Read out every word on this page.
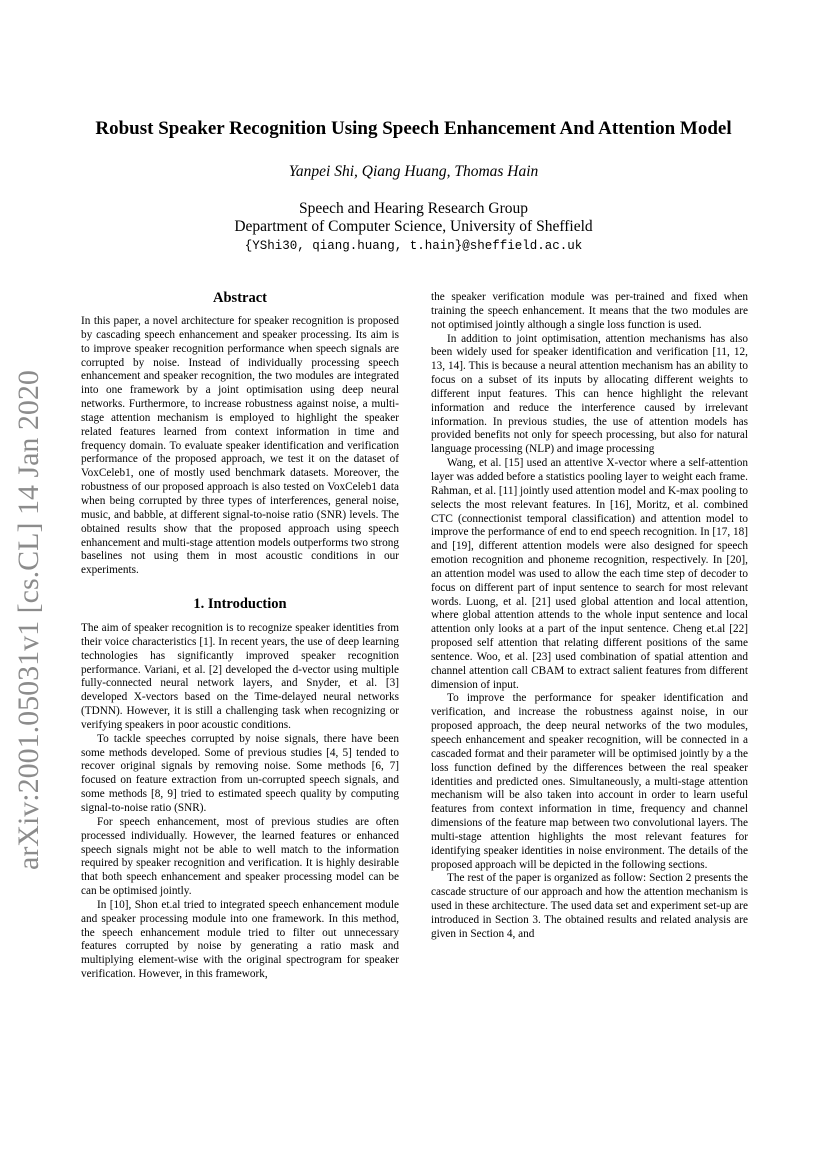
arXiv:2001.05031v1 [cs.CL] 14 Jan 2020
Robust Speaker Recognition Using Speech Enhancement And Attention Model
Yanpei Shi, Qiang Huang, Thomas Hain
Speech and Hearing Research Group
Department of Computer Science, University of Sheffield
{YShi30, qiang.huang, t.hain}@sheffield.ac.uk
Abstract

In this paper, a novel architecture for speaker recognition is proposed by cascading speech enhancement and speaker processing. Its aim is to improve speaker recognition performance when speech signals are corrupted by noise. Instead of individually processing speech enhancement and speaker recognition, the two modules are integrated into one framework by a joint optimisation using deep neural networks. Furthermore, to increase robustness against noise, a multi-stage attention mechanism is employed to highlight the speaker related features learned from context information in time and frequency domain. To evaluate speaker identification and verification performance of the proposed approach, we test it on the dataset of VoxCeleb1, one of mostly used benchmark datasets. Moreover, the robustness of our proposed approach is also tested on VoxCeleb1 data when being corrupted by three types of interferences, general noise, music, and babble, at different signal-to-noise ratio (SNR) levels. The obtained results show that the proposed approach using speech enhancement and multi-stage attention models outperforms two strong baselines not using them in most acoustic conditions in our experiments.

1. Introduction

The aim of speaker recognition is to recognize speaker identities from their voice characteristics [1]. In recent years, the use of deep learning technologies has significantly improved speaker recognition performance. Variani, et al. [2] developed the d-vector using multiple fully-connected neural network layers, and Snyder, et al. [3] developed X-vectors based on the Time-delayed neural networks (TDNN). However, it is still a challenging task when recognizing or verifying speakers in poor acoustic conditions.

To tackle speeches corrupted by noise signals, there have been some methods developed. Some of previous studies [4, 5] tended to recover original signals by removing noise. Some methods [6, 7] focused on feature extraction from un-corrupted speech signals, and some methods [8, 9] tried to estimated speech quality by computing signal-to-noise ratio (SNR).

For speech enhancement, most of previous studies are often processed individually. However, the learned features or enhanced speech signals might not be able to well match to the information required by speaker recognition and verification. It is highly desirable that both speech enhancement and speaker processing model can be can be optimised jointly.

In [10], Shon et.al tried to integrated speech enhancement module and speaker processing module into one framework. In this method, the speech enhancement module tried to filter out unnecessary features corrupted by noise by generating a ratio mask and multiplying element-wise with the original spectrogram for speaker verification. However, in this framework,

the speaker verification module was per-trained and fixed when training the speech enhancement. It means that the two modules are not optimised jointly although a single loss function is used.

In addition to joint optimisation, attention mechanisms has also been widely used for speaker identification and verification [11, 12, 13, 14]. This is because a neural attention mechanism has an ability to focus on a subset of its inputs by allocating different weights to different input features. This can hence highlight the relevant information and reduce the interference caused by irrelevant information. In previous studies, the use of attention models has provided benefits not only for speech processing, but also for natural language processing (NLP) and image processing

Wang, et al. [15] used an attentive X-vector where a self-attention layer was added before a statistics pooling layer to weight each frame. Rahman, et al. [11] jointly used attention model and K-max pooling to selects the most relevant features. In [16], Moritz, et al. combined CTC (connectionist temporal classification) and attention model to improve the performance of end to end speech recognition. In [17, 18] and [19], different attention models were also designed for speech emotion recognition and phoneme recognition, respectively. In [20], an attention model was used to allow the each time step of decoder to focus on different part of input sentence to search for most relevant words. Luong, et al. [21] used global attention and local attention, where global attention attends to the whole input sentence and local attention only looks at a part of the input sentence. Cheng et.al [22] proposed self attention that relating different positions of the same sentence. Woo, et al. [23] used combination of spatial attention and channel attention call CBAM to extract salient features from different dimension of input.

To improve the performance for speaker identification and verification, and increase the robustness against noise, in our proposed approach, the deep neural networks of the two modules, speech enhancement and speaker recognition, will be connected in a cascaded format and their parameter will be optimised jointly by a the loss function defined by the differences between the real speaker identities and predicted ones. Simultaneously, a multi-stage attention mechanism will be also taken into account in order to learn useful features from context information in time, frequency and channel dimensions of the feature map between two convolutional layers. The multi-stage attention highlights the most relevant features for identifying speaker identities in noise environment. The details of the proposed approach will be depicted in the following sections.

The rest of the paper is organized as follow: Section 2 presents the cascade structure of our approach and how the attention mechanism is used in these architecture. The used data set and experiment set-up are introduced in Section 3. The obtained results and related analysis are given in Section 4, and
